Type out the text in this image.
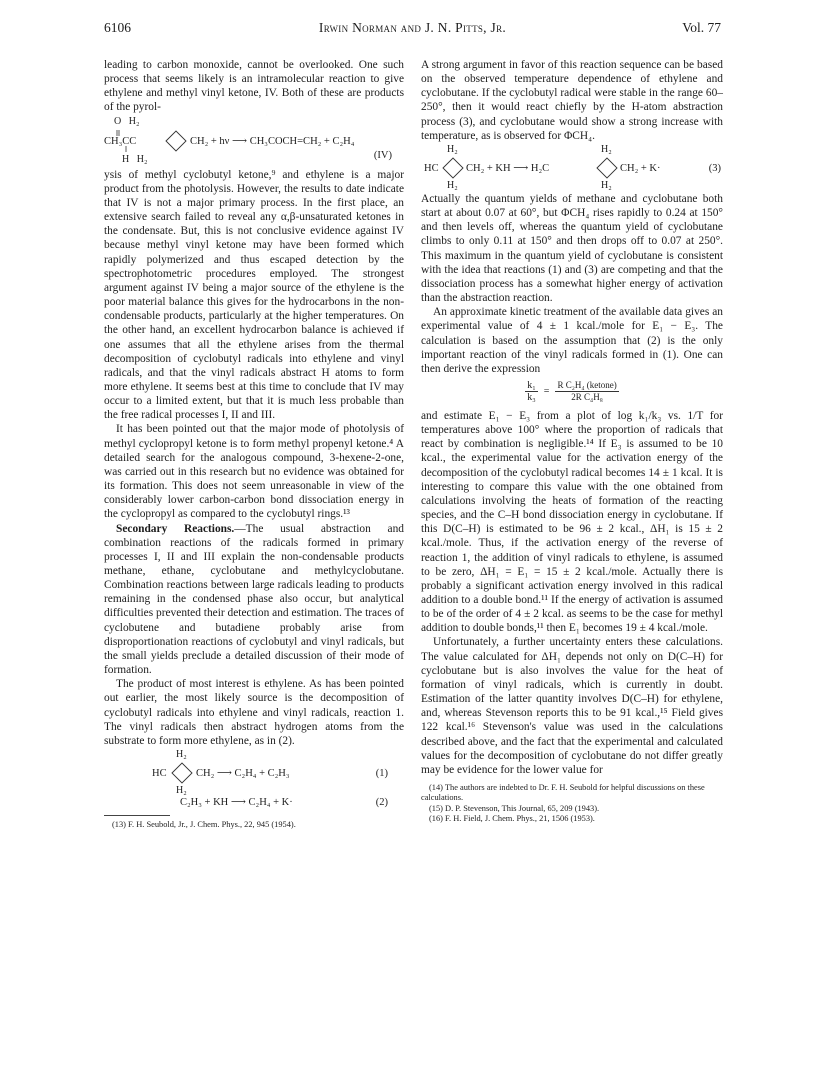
6106	Irwin Norman and J. N. Pitts, Jr.	Vol. 77

leading to carbon monoxide, cannot be overlooked. One such process that seems likely is an intramolecular reaction to give ethylene and methyl vinyl ketone, IV. Both of these are products of the pyrol-

O   H₂
CH₃CC	CH₂ + hν ⟶ CH₃COCH=CH₂ + C₂H₄
H   H₂	(IV)

ysis of methyl cyclobutyl ketone,⁹ and ethylene is a major product from the photolysis. However, the results to date indicate that IV is not a major primary process. In the first place, an extensive search failed to reveal any α,β-unsaturated ketones in the condensate. But, this is not conclusive evidence against IV because methyl vinyl ketone may have been formed which rapidly polymerized and thus escaped detection by the spectrophotometric procedures employed. The strongest argument against IV being a major source of the ethylene is the poor material balance this gives for the hydrocarbons in the non-condensable products, particularly at the higher temperatures. On the other hand, an excellent hydrocarbon balance is achieved if one assumes that all the ethylene arises from the thermal decomposition of cyclobutyl radicals into ethylene and vinyl radicals, and that the vinyl radicals abstract H atoms to form more ethylene. It seems best at this time to conclude that IV may occur to a limited extent, but that it is much less probable than the free radical processes I, II and III.

It has been pointed out that the major mode of photolysis of methyl cyclopropyl ketone is to form methyl propenyl ketone.⁴ A detailed search for the analogous compound, 3-hexene-2-one, was carried out in this research but no evidence was obtained for its formation. This does not seem unreasonable in view of the considerably lower carbon-carbon bond dissociation energy in the cyclopropyl as compared to the cyclobutyl rings.¹³

Secondary Reactions.—The usual abstraction and combination reactions of the radicals formed in primary processes I, II and III explain the non-condensable products methane, ethane, cyclobutane and methylcyclobutane. Combination reactions between large radicals leading to products remaining in the condensed phase also occur, but analytical difficulties prevented their detection and estimation. The traces of cyclobutene and butadiene probably arise from disproportionation reactions of cyclobutyl and vinyl radicals, but the small yields preclude a detailed discussion of their mode of formation.

The product of most interest is ethylene. As has been pointed out earlier, the most likely source is the decomposition of cyclobutyl radicals into ethylene and vinyl radicals, reaction 1. The vinyl radicals then abstract hydrogen atoms from the substrate to form more ethylene, as in (2).

H₂
HC	CH₂ ⟶ C₂H₄ + C₂H₃	(1)
H₂
C₂H₃ + KH ⟶ C₂H₄ + K·	(2)

(13) F. H. Seubold, Jr., J. Chem. Phys., 22, 945 (1954).

A strong argument in favor of this reaction sequence can be based on the observed temperature dependence of ethylene and cyclobutane. If the cyclobutyl radical were stable in the range 60–250°, then it would react chiefly by the H-atom abstraction process (3), and cyclobutane would show a strong increase with temperature, as is observed for ΦCH₄.

H₂	H₂
HC	CH₂ + KH ⟶ H₂C	CH₂ + K·	(3)
H₂	H₂

Actually the quantum yields of methane and cyclobutane both start at about 0.07 at 60°, but ΦCH₄ rises rapidly to 0.24 at 150° and then levels off, whereas the quantum yield of cyclobutane climbs to only 0.11 at 150° and then drops off to 0.07 at 250°. This maximum in the quantum yield of cyclobutane is consistent with the idea that reactions (1) and (3) are competing and that the dissociation process has a somewhat higher energy of activation than the abstraction reaction.

An approximate kinetic treatment of the available data gives an experimental value of 4 ± 1 kcal./mole for E₁ − E₃. The calculation is based on the assumption that (2) is the only important reaction of the vinyl radicals formed in (1). One can then derive the expression

$\frac{\text{k₁}}{\text{k₃}}$ =
R C₂H₄ (ketone)
2R C₄H₈

and estimate E₁ − E₃ from a plot of log k₁/k₃ vs. 1/T for temperatures above 100° where the proportion of radicals that react by combination is negligible.¹⁴ If E₃ is assumed to be 10 kcal., the experimental value for the activation energy of the decomposition of the cyclobutyl radical becomes 14 ± 1 kcal. It is interesting to compare this value with the one obtained from calculations involving the heats of formation of the reacting species, and the C–H bond dissociation energy in cyclobutane. If this D(C–H) is estimated to be 96 ± 2 kcal., ΔH₁ is 15 ± 2 kcal./mole. Thus, if the activation energy of the reverse of reaction 1, the addition of vinyl radicals to ethylene, is assumed to be zero, ΔH₁ = E₁ = 15 ± 2 kcal./mole. Actually there is probably a significant activation energy involved in this radical addition to a double bond.¹¹ If the energy of activation is assumed to be of the order of 4 ± 2 kcal. as seems to be the case for methyl addition to double bonds,¹¹ then E₁ becomes 19 ± 4 kcal./mole.

Unfortunately, a further uncertainty enters these calculations. The value calculated for ΔH₁ depends not only on D(C–H) for cyclobutane but is also involves the value for the heat of formation of vinyl radicals, which is currently in doubt. Estimation of the latter quantity involves D(C–H) for ethylene, and, whereas Stevenson reports this to be 91 kcal.,¹⁵ Field gives 122 kcal.¹⁶ Stevenson's value was used in the calculations described above, and the fact that the experimental and calculated values for the decomposition of cyclobutane do not differ greatly may be evidence for the lower value for

(14) The authors are indebted to Dr. F. H. Seubold for helpful discussions on these calculations.

(15) D. P. Stevenson, This Journal, 65, 209 (1943).

(16) F. H. Field, J. Chem. Phys., 21, 1506 (1953).
